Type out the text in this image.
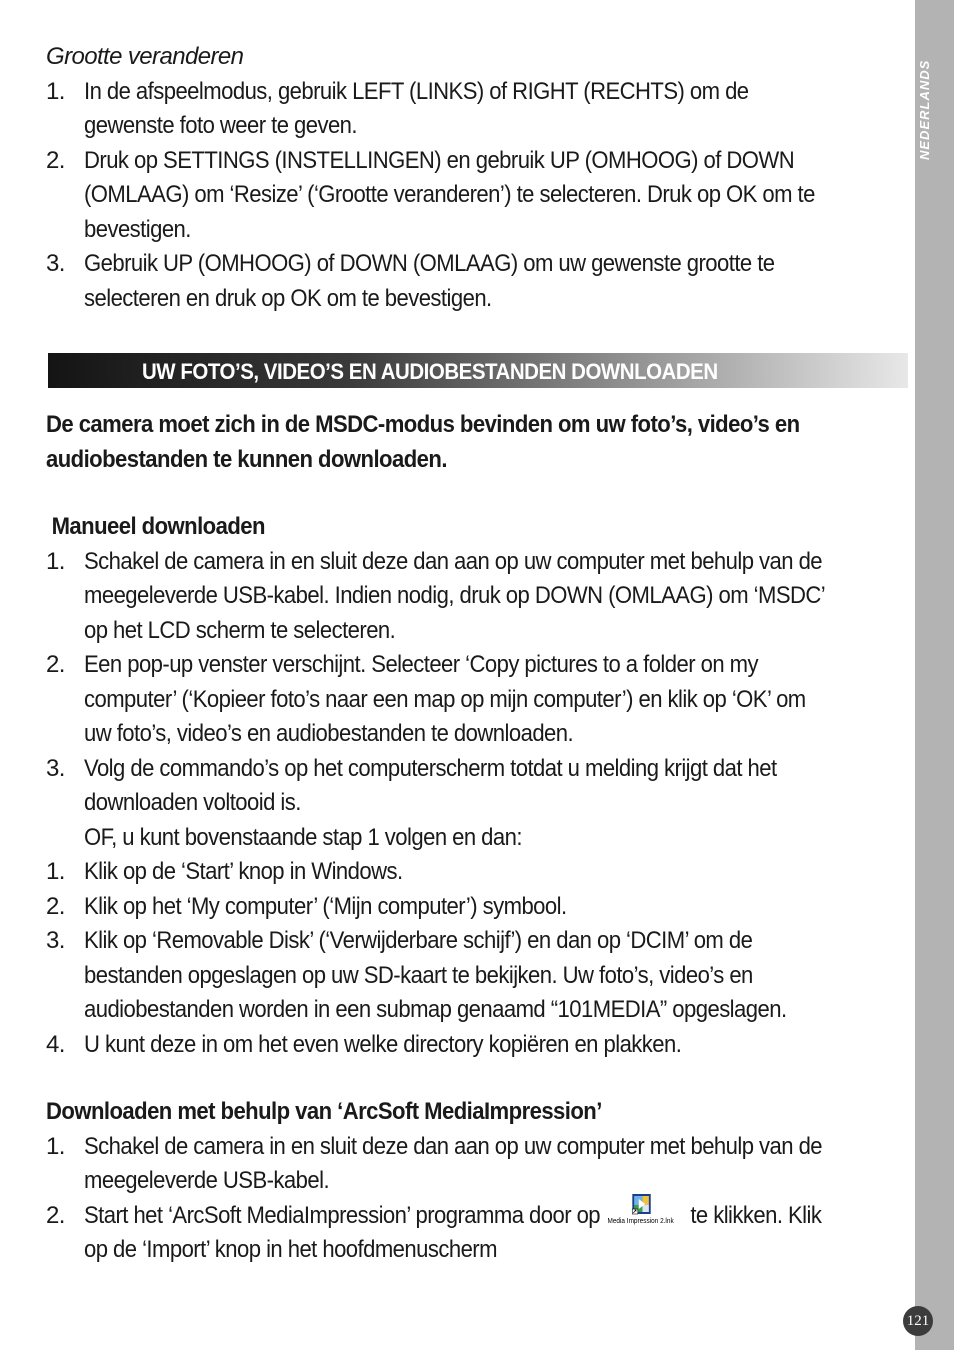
NEDERLANDS
Grootte veranderen
1. In de afspeelmodus, gebruik LEFT (LINKS) of RIGHT (RECHTS) om de
gewenste foto weer te geven.
2. Druk op SETTINGS (INSTELLINGEN) en gebruik UP (OMHOOG) of DOWN
(OMLAAG) om ‘Resize’ (‘Grootte veranderen’) te selecteren. Druk op OK om te
bevestigen.
3. Gebruik UP (OMHOOG) of DOWN (OMLAAG) om uw gewenste grootte te
selecteren en druk op OK om te bevestigen.
UW FOTO’S, VIDEO’S EN AUDIOBESTANDEN DOWNLOADEN
De camera moet zich in de MSDC-modus bevinden om uw foto’s, video’s en
audiobestanden te kunnen downloaden.
Manueel downloaden
1. Schakel de camera in en sluit deze dan aan op uw computer met behulp van de
meegeleverde USB-kabel. Indien nodig, druk op DOWN (OMLAAG) om ‘MSDC’
op het LCD scherm te selecteren.
2. Een pop-up venster verschijnt. Selecteer ‘Copy pictures to a folder on my
computer’ (‘Kopieer foto’s naar een map op mijn computer’) en klik op ‘OK’ om
uw foto’s, video’s en audiobestanden te downloaden.
3. Volg de commando’s op het computerscherm totdat u melding krijgt dat het
downloaden voltooid is.
OF, u kunt bovenstaande stap 1 volgen en dan:
1. Klik op de ‘Start’ knop in Windows.
2. Klik op het ‘My computer’ (‘Mijn computer’) symbool.
3. Klik op ‘Removable Disk’ (‘Verwijderbare schijf’) en dan op ‘DCIM’ om de
bestanden opgeslagen op uw SD-kaart te bekijken. Uw foto’s, video’s en
audiobestanden worden in een submap genaamd “101MEDIA” opgeslagen.
4. U kunt deze in om het even welke directory kopiëren en plakken.
Downloaden met behulp van ‘ArcSoft MediaImpression’
1. Schakel de camera in en sluit deze dan aan op uw computer met behulp van de
meegeleverde USB-kabel.
2. Start het ‘ArcSoft MediaImpression’ programma door op Media Impression 2.lnk te klikken. Klik
op de ‘Import’ knop in het hoofdmenuscherm
121
